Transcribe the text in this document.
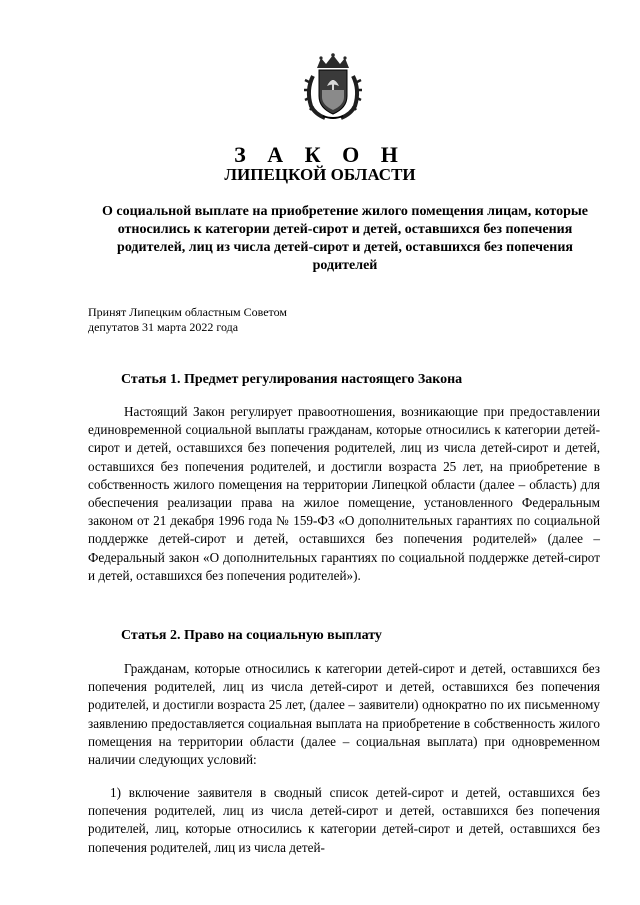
З А К О Н
ЛИПЕЦКОЙ ОБЛАСТИ
О социальной выплате на приобретение жилого помещения лицам, которые относились к категории детей-сирот и детей, оставшихся без попечения родителей, лиц из числа детей-сирот и детей, оставшихся без попечения родителей
Принят Липецким областным Советом
депутатов 31 марта 2022 года
Статья 1. Предмет регулирования настоящего Закона

Настоящий Закон регулирует правоотношения, возникающие при предоставлении единовременной социальной выплаты гражданам, которые относились к категории детей-сирот и детей, оставшихся без попечения родителей, лиц из числа детей-сирот и детей, оставшихся без попечения родителей, и достигли возраста 25 лет, на приобретение в собственность жилого помещения на территории Липецкой области (далее – область) для обеспечения реализации права на жилое помещение, установленного Федеральным законом от 21 декабря 1996 года № 159-ФЗ «О дополнительных гарантиях по социальной поддержке детей-сирот и детей, оставшихся без попечения родителей» (далее – Федеральный закон «О дополнительных гарантиях по социальной поддержке детей-сирот и детей, оставшихся без попечения родителей»).

Статья 2. Право на социальную выплату

Гражданам, которые относились к категории детей-сирот и детей, оставшихся без попечения родителей, лиц из числа детей-сирот и детей, оставшихся без попечения родителей, и достигли возраста 25 лет, (далее – заявители) однократно по их письменному заявлению предоставляется социальная выплата на приобретение в собственность жилого помещения на территории области (далее – социальная выплата) при одновременном наличии следующих условий:

1) включение заявителя в сводный список детей-сирот и детей, оставшихся без попечения родителей, лиц из числа детей-сирот и детей, оставшихся без попечения родителей, лиц, которые относились к категории детей-сирот и детей, оставшихся без попечения родителей, лиц из числа детей-
